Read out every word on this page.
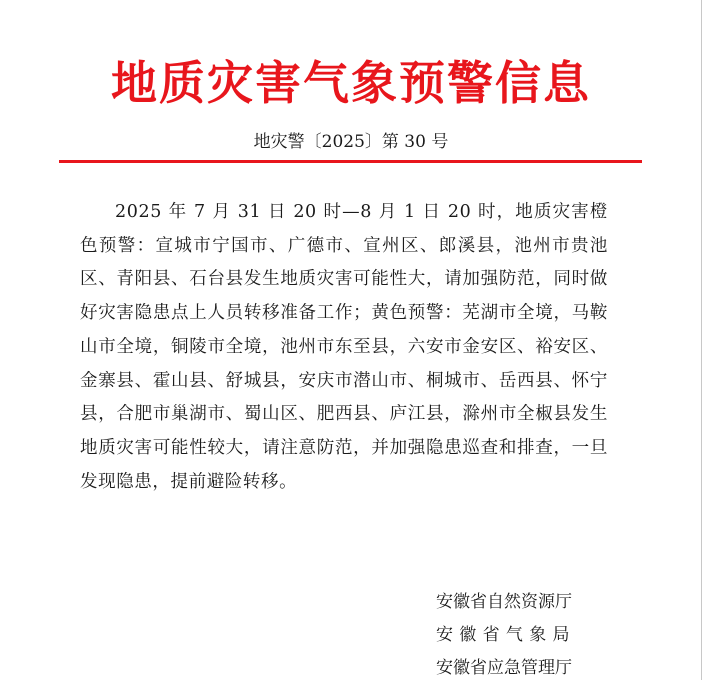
地质灾害气象预警信息
地灾警〔2025〕第 30 号

2025 年 7 月 31 日 20 时—8 月 1 日 20 时，地质灾害橙色预警：宣城市宁国市、广德市、宣州区、郎溪县，池州市贵池区、青阳县、石台县发生地质灾害可能性大，请加强防范，同时做好灾害隐患点上人员转移准备工作；黄色预警：芜湖市全境，马鞍山市全境，铜陵市全境，池州市东至县，六安市金安区、裕安区、金寨县、霍山县、舒城县，安庆市潜山市、桐城市、岳西县、怀宁县，合肥市巢湖市、蜀山区、肥西县、庐江县，滁州市全椒县发生地质灾害可能性较大，请注意防范，并加强隐患巡查和排查，一旦发现隐患，提前避险转移。

安徽省自然资源厅
安徽省气象局
安徽省应急管理厅
